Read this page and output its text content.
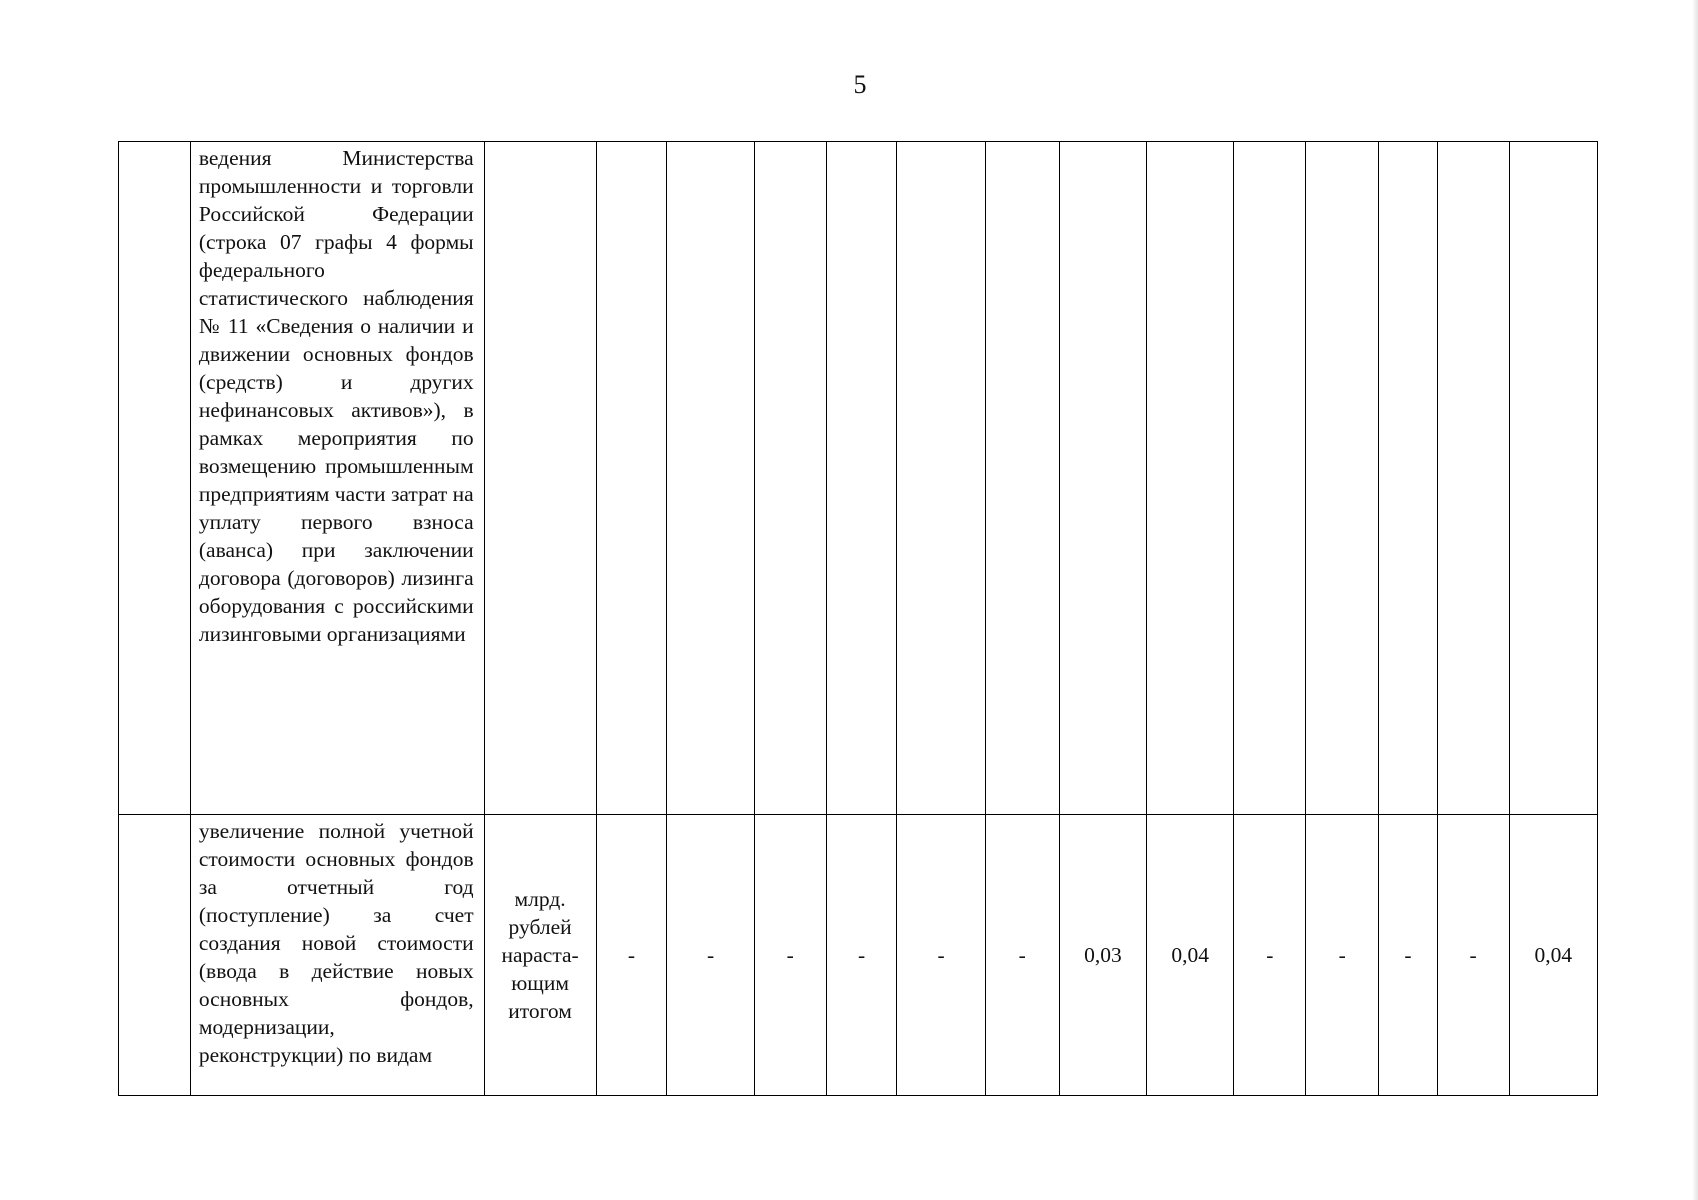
5

	ведения Министерства промышленности и торговли Российской Федерации (строка 07 графы 4 формы федерального статистического наблюдения № 11 «Сведения о наличии и движении основных фондов (средств) и других нефинансовых активов»), в рамках мероприятия по возмещению промышленным предприятиям части затрат на уплату первого взноса (аванса) при заключении договора (договоров) лизинга оборудования с российскими лизинговыми организациями														

	увеличение полной учетной стоимости основных фондов за отчетный год (поступление) за счет создания новой стоимости (ввода в действие новых основных фондов, модернизации, реконструкции) по видам	млрд. рублей нараста-ющим итогом	-	-	-	-	-	-	0,03	0,04	-	-	-	-	0,04
